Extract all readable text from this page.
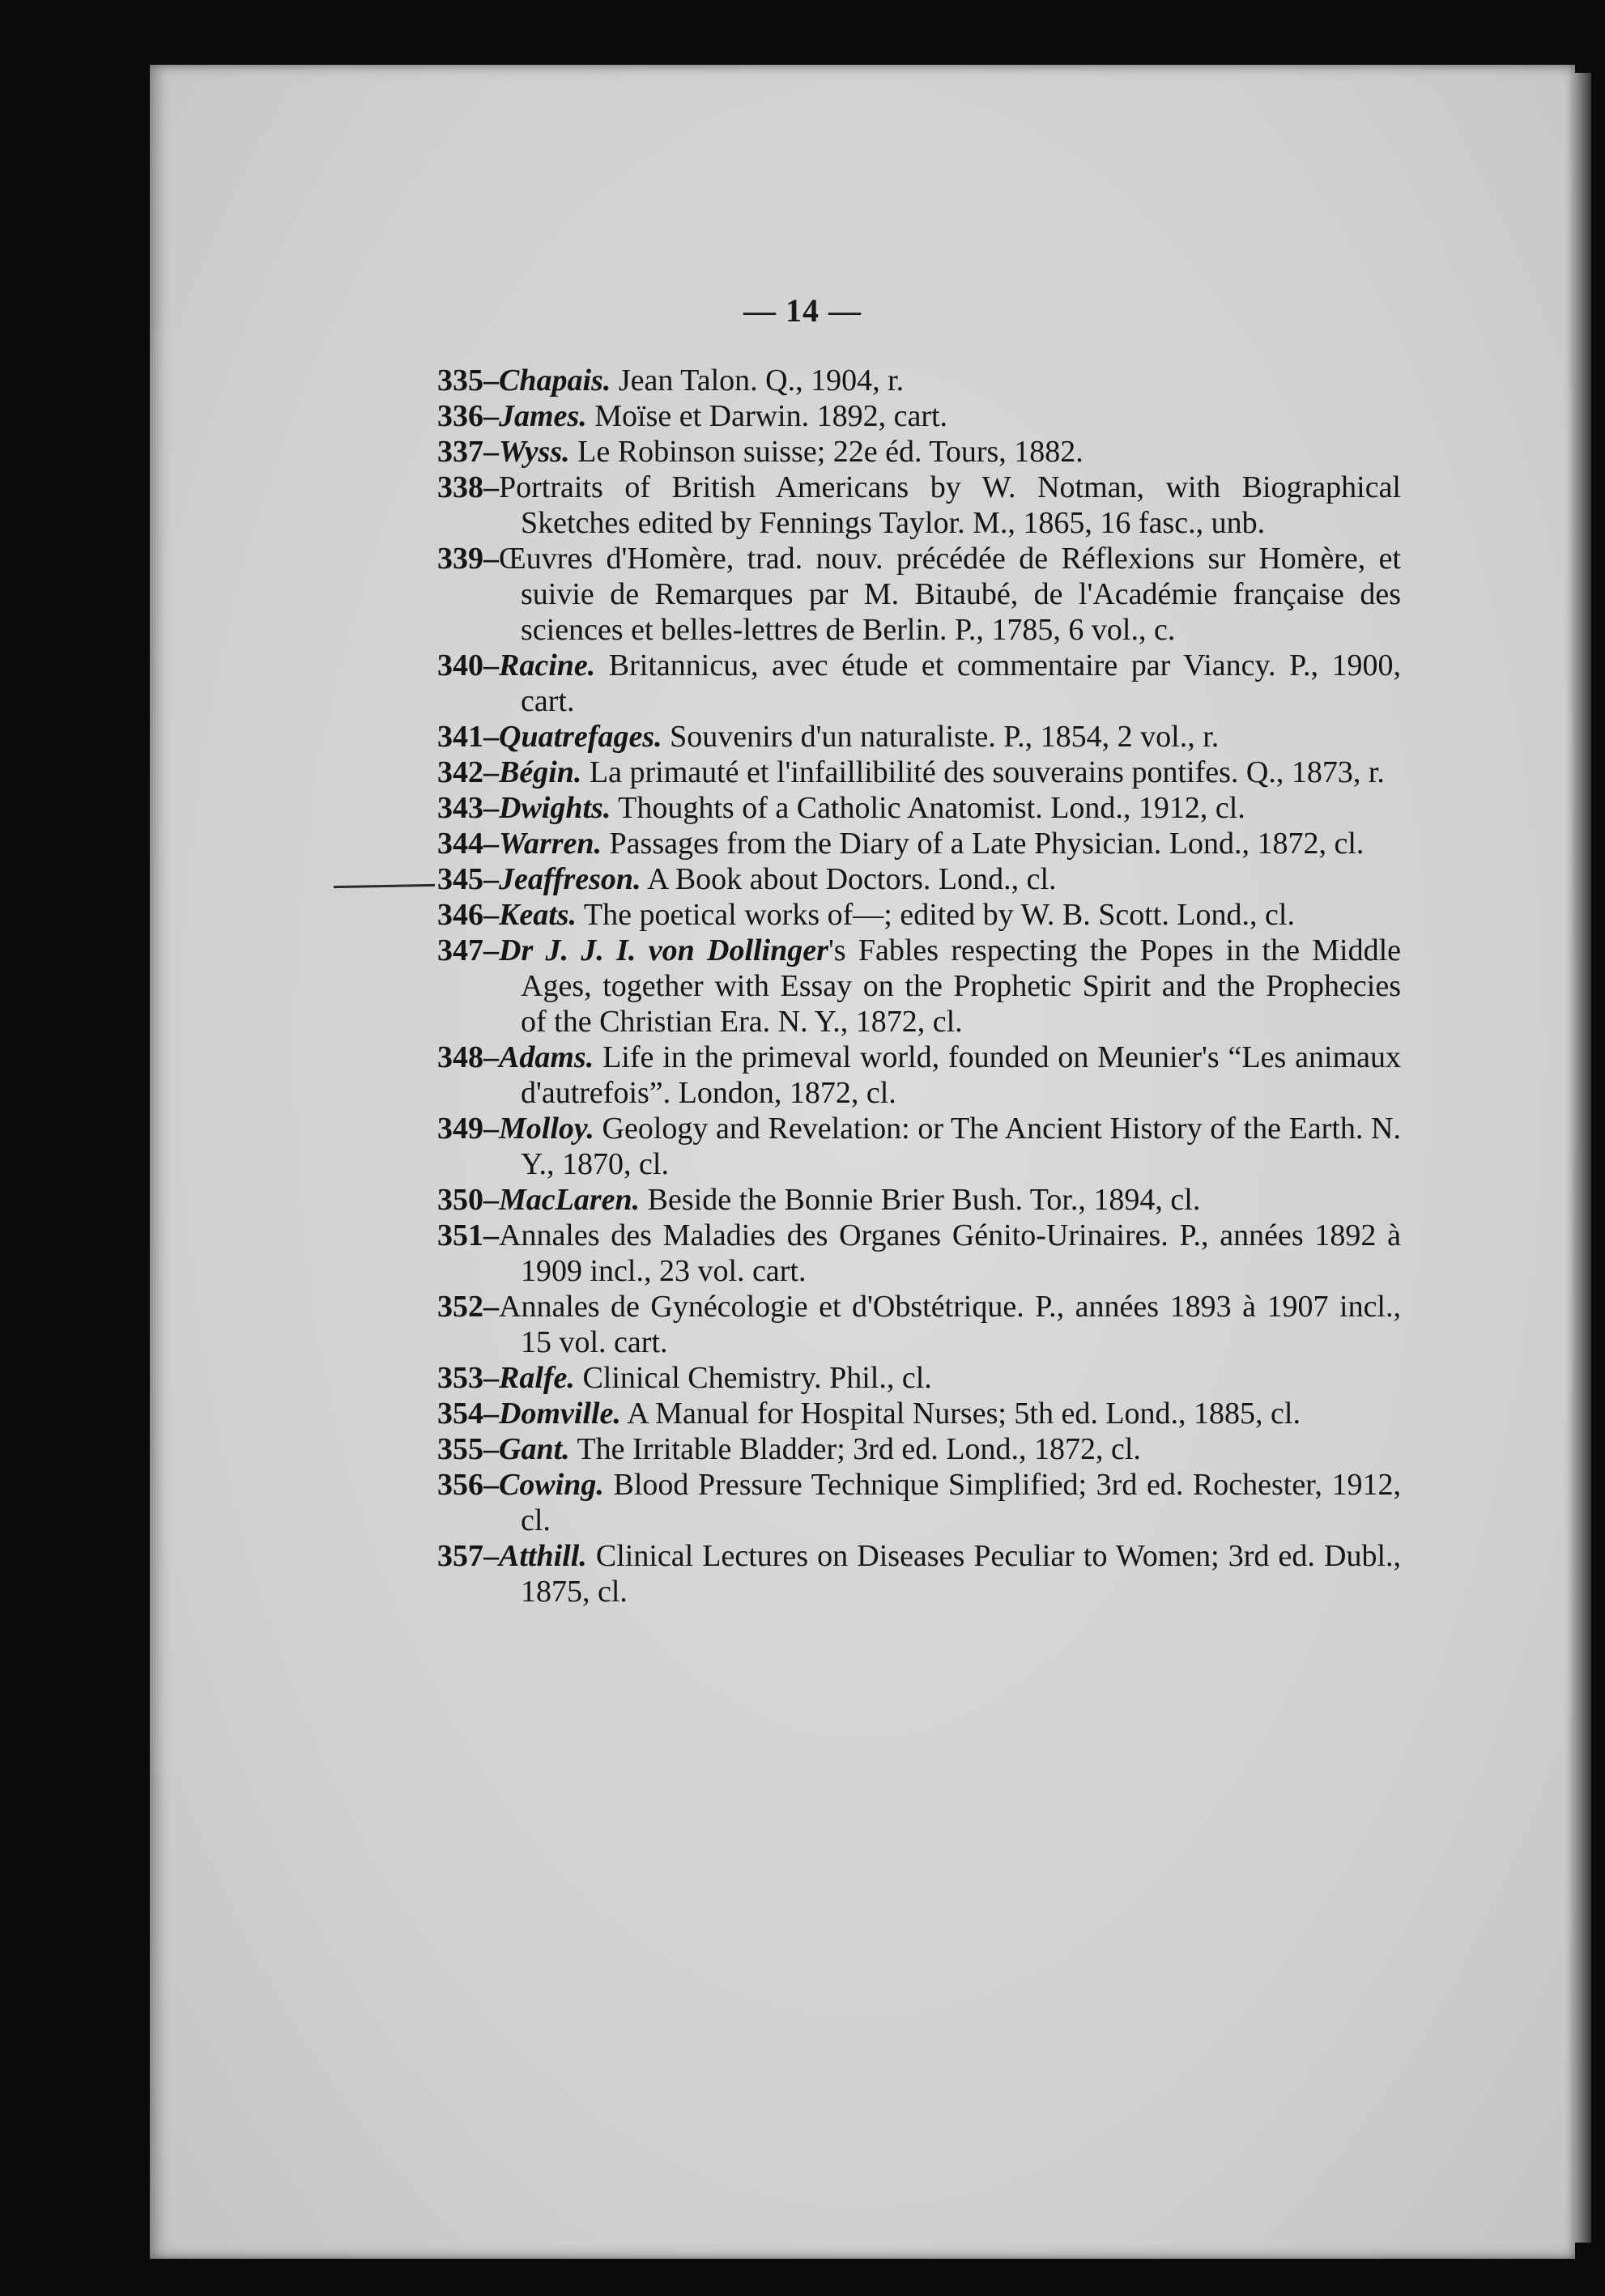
— 14 —

335–Chapais. Jean Talon. Q., 1904, r.

336–James. Moïse et Darwin. 1892, cart.

337–Wyss. Le Robinson suisse; 22e éd. Tours, 1882.

338–Portraits of British Americans by W. Notman, with Biographical Sketches edited by Fennings Taylor. M., 1865, 16 fasc., unb.

339–Œuvres d'Homère, trad. nouv. précédée de Réflexions sur Homère, et suivie de Remarques par M. Bitaubé, de l'Académie française des sciences et belles-lettres de Berlin. P., 1785, 6 vol., c.

340–Racine. Britannicus, avec étude et commentaire par Viancy. P., 1900, cart.

341–Quatrefages. Souvenirs d'un naturaliste. P., 1854, 2 vol., r.

342–Bégin. La primauté et l'infaillibilité des souverains pontifes. Q., 1873, r.

343–Dwights. Thoughts of a Catholic Anatomist. Lond., 1912, cl.

344–Warren. Passages from the Diary of a Late Physician. Lond., 1872, cl.

345–Jeaffreson. A Book about Doctors. Lond., cl.

346–Keats. The poetical works of—; edited by W. B. Scott. Lond., cl.

347–Dr J. J. I. von Dollinger's Fables respecting the Popes in the Middle Ages, together with Essay on the Prophetic Spirit and the Prophecies of the Christian Era. N. Y., 1872, cl.

348–Adams. Life in the primeval world, founded on Meunier's “Les animaux d'autrefois”. London, 1872, cl.

349–Molloy. Geology and Revelation: or The Ancient History of the Earth. N. Y., 1870, cl.

350–MacLaren. Beside the Bonnie Brier Bush. Tor., 1894, cl.

351–Annales des Maladies des Organes Génito-Urinaires. P., années 1892 à 1909 incl., 23 vol. cart.

352–Annales de Gynécologie et d'Obstétrique. P., années 1893 à 1907 incl., 15 vol. cart.

353–Ralfe. Clinical Chemistry. Phil., cl.

354–Domville. A Manual for Hospital Nurses; 5th ed. Lond., 1885, cl.

355–Gant. The Irritable Bladder; 3rd ed. Lond., 1872, cl.

356–Cowing. Blood Pressure Technique Simplified; 3rd ed. Rochester, 1912, cl.

357–Atthill. Clinical Lectures on Diseases Peculiar to Women; 3rd ed. Dubl., 1875, cl.
